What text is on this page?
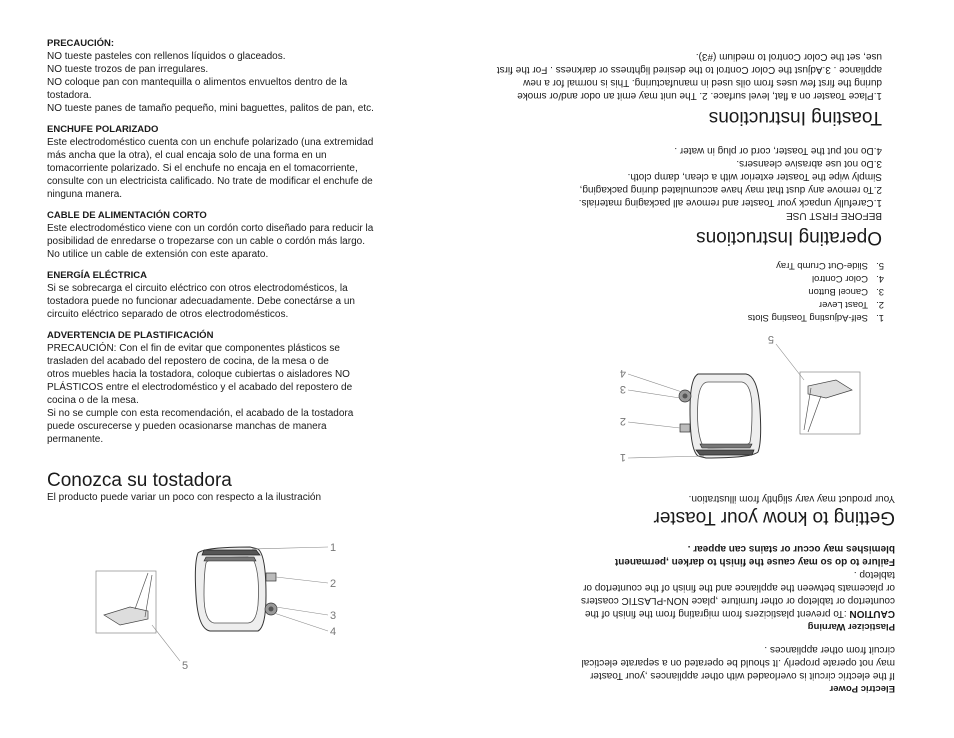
PRECAUCIÓN:
NO tueste pasteles con rellenos líquidos o glaceados.
NO tueste trozos de pan irregulares.
NO coloque pan con mantequilla o alimentos envueltos dentro de la
tostadora.
NO tueste panes de tamaño pequeño, mini baguettes, palitos de pan, etc.
ENCHUFE POLARIZADO
Este electrodoméstico cuenta con un enchufe polarizado (una extremidad
más ancha que la otra), el cual encaja solo de una forma en un
tomacorriente polarizado. Si el enchufe no encaja en el tomacorriente,
consulte con un electricista calificado. No trate de modificar el enchufe de
ninguna manera.
CABLE DE ALIMENTACIÓN CORTO
Este electrodoméstico viene con un cordón corto diseñado para reducir la
posibilidad de enredarse o tropezarse con un cable o cordón más largo.
No utilice un cable de extensión con este aparato.
ENERGÍA ELÉCTRICA
Si se sobrecarga el circuito eléctrico con otros electrodomésticos, la
tostadora puede no funcionar adecuadamente. Debe conectárse a un
circuito eléctrico separado de otros electrodomésticos.
ADVERTENCIA DE PLASTIFICACIÓN
PRECAUCIÓN: Con el fin de evitar que componentes plásticos se
trasladen del acabado del repostero de cocina, de la mesa o de
otros muebles hacia la tostadora, coloque cubiertas o aisladores NO
PLÁSTICOS entre el electrodoméstico y el acabado del repostero de
cocina o de la mesa.
Si no se cumple con esta recomendación, el acabado de la tostadora
puede oscurecerse y pueden ocasionarse manchas de manera
permanente.
Conozca su tostadora
El producto puede variar un poco con respecto a la ilustración
1
2
3
4
5
Electric Power
If the electric circuit is overloaded with other appliances ,your Toaster
may not operate properly .It should be operated on a separate electical
circuit from other appliances .
Plasticizer Warning
CAUTION :To prevent plasticizers from migrating from the finish of the
countertop or tabletop or other furniture ,place NON-PLASTIC coasters
or placemats between the appliance and the finish of the countertop or
tabletop .
Failure to do so may cause the finish to darken ,permanent
blemishes may occur or stains can appear .
Getting to know your Toaster
Your product may vary slightly from illustration.
1
2
3
4
5
1.
Self-Adjusting Toasting Slots
2.
Toast Lever
3.
Cancel Button
4.
Color Control
5.
Slide-Out Crumb Tray
Operating Instructions
BEFORE FIRST USE
1.Carefully unpack your Toaster and remove all packaging materials.
2.To remove any dust that may have accumulated during packaging,
Simply wipe the Toaster exterior with a clean, damp cloth.
3.Do not use abrasive cleansers.
4.Do not put the Toaster, cord or plug in water .
Toasting Instructions
1.Place Toaster on a flat, level surface. 2. The unit may emit an odor and/or smoke during the first few uses from oils used in manufacturing. This is normal for a new appliance . 3.Adjust the Color Control to the desired lightness or darkness . For the first use, set the Color Control to medium (#3).
